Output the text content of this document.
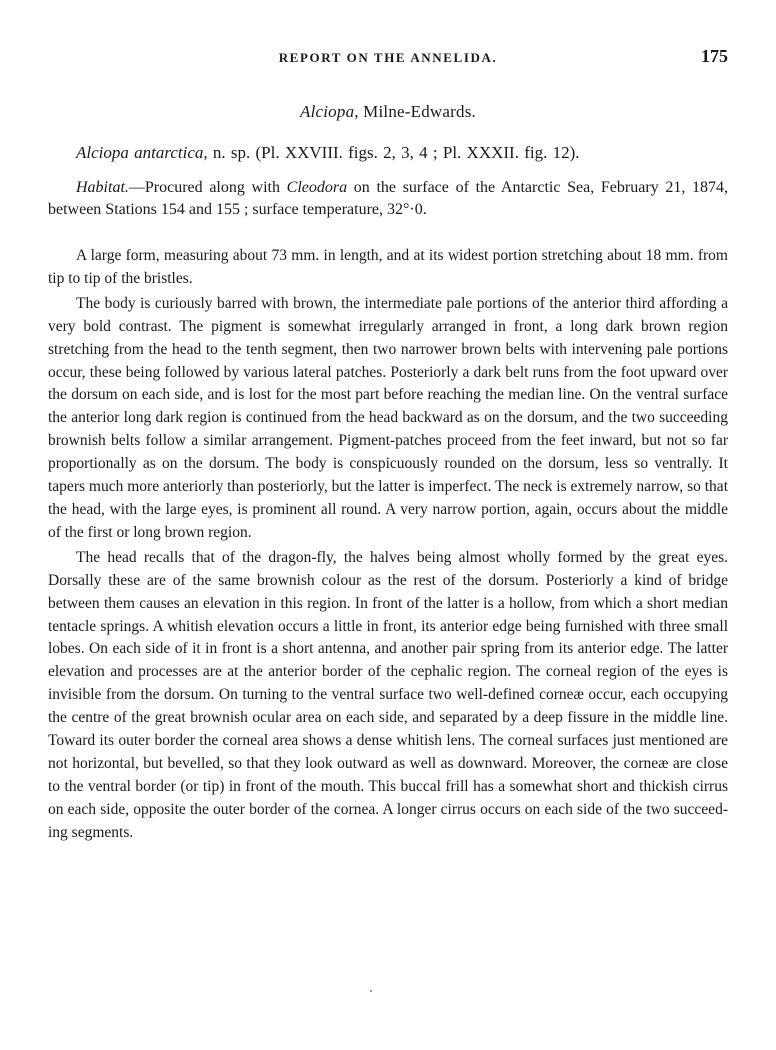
REPORT ON THE ANNELIDA.	175
Alciopa, Milne-Edwards.
Alciopa antarctica, n. sp. (Pl. XXVIII. figs. 2, 3, 4 ; Pl. XXXII. fig. 12).
Habitat.—Procured along with Cleodora on the surface of the Antarctic Sea, February 21, 1874, between Stations 154 and 155 ; surface temperature, 32°·0.

A large form, measuring about 73 mm. in length, and at its widest portion stretching about 18 mm. from tip to tip of the bristles.

The body is curiously barred with brown, the intermediate pale portions of the anterior third affording a very bold contrast. The pigment is somewhat irregularly arranged in front, a long dark brown region stretching from the head to the tenth segment, then two narrower brown belts with intervening pale portions occur, these being followed by various lateral patches. Posteriorly a dark belt runs from the foot upward over the dorsum on each side, and is lost for the most part before reaching the median line. On the ventral surface the anterior long dark region is continued from the head backward as on the dorsum, and the two succeeding brownish belts follow a similar arrangement. Pigment-patches proceed from the feet inward, but not so far proportionally as on the dorsum. The body is conspicuously rounded on the dorsum, less so ventrally. It tapers much more anteriorly than posteriorly, but the latter is imperfect. The neck is extremely narrow, so that the head, with the large eyes, is prominent all round. A very narrow portion, again, occurs about the middle of the first or long brown region.

The head recalls that of the dragon-fly, the halves being almost wholly formed by the great eyes. Dorsally these are of the same brownish colour as the rest of the dorsum. Posteriorly a kind of bridge between them causes an elevation in this region. In front of the latter is a hollow, from which a short median tentacle springs. A whitish elevation occurs a little in front, its anterior edge being furnished with three small lobes. On each side of it in front is a short antenna, and another pair spring from its anterior edge. The latter elevation and processes are at the anterior border of the cephalic region. The corneal region of the eyes is invisible from the dorsum. On turning to the ventral surface two well-defined corneæ occur, each occupying the centre of the great brownish ocular area on each side, and separated by a deep fissure in the middle line. Toward its outer border the corneal area shows a dense whitish lens. The corneal surfaces just mentioned are not horizontal, but bevelled, so that they look outward as well as downward. Moreover, the corneæ are close to the ventral border (or tip) in front of the mouth. This buccal frill has a somewhat short and thickish cirrus on each side, opposite the outer border of the cornea. A longer cirrus occurs on each side of the two succeeding segments.
